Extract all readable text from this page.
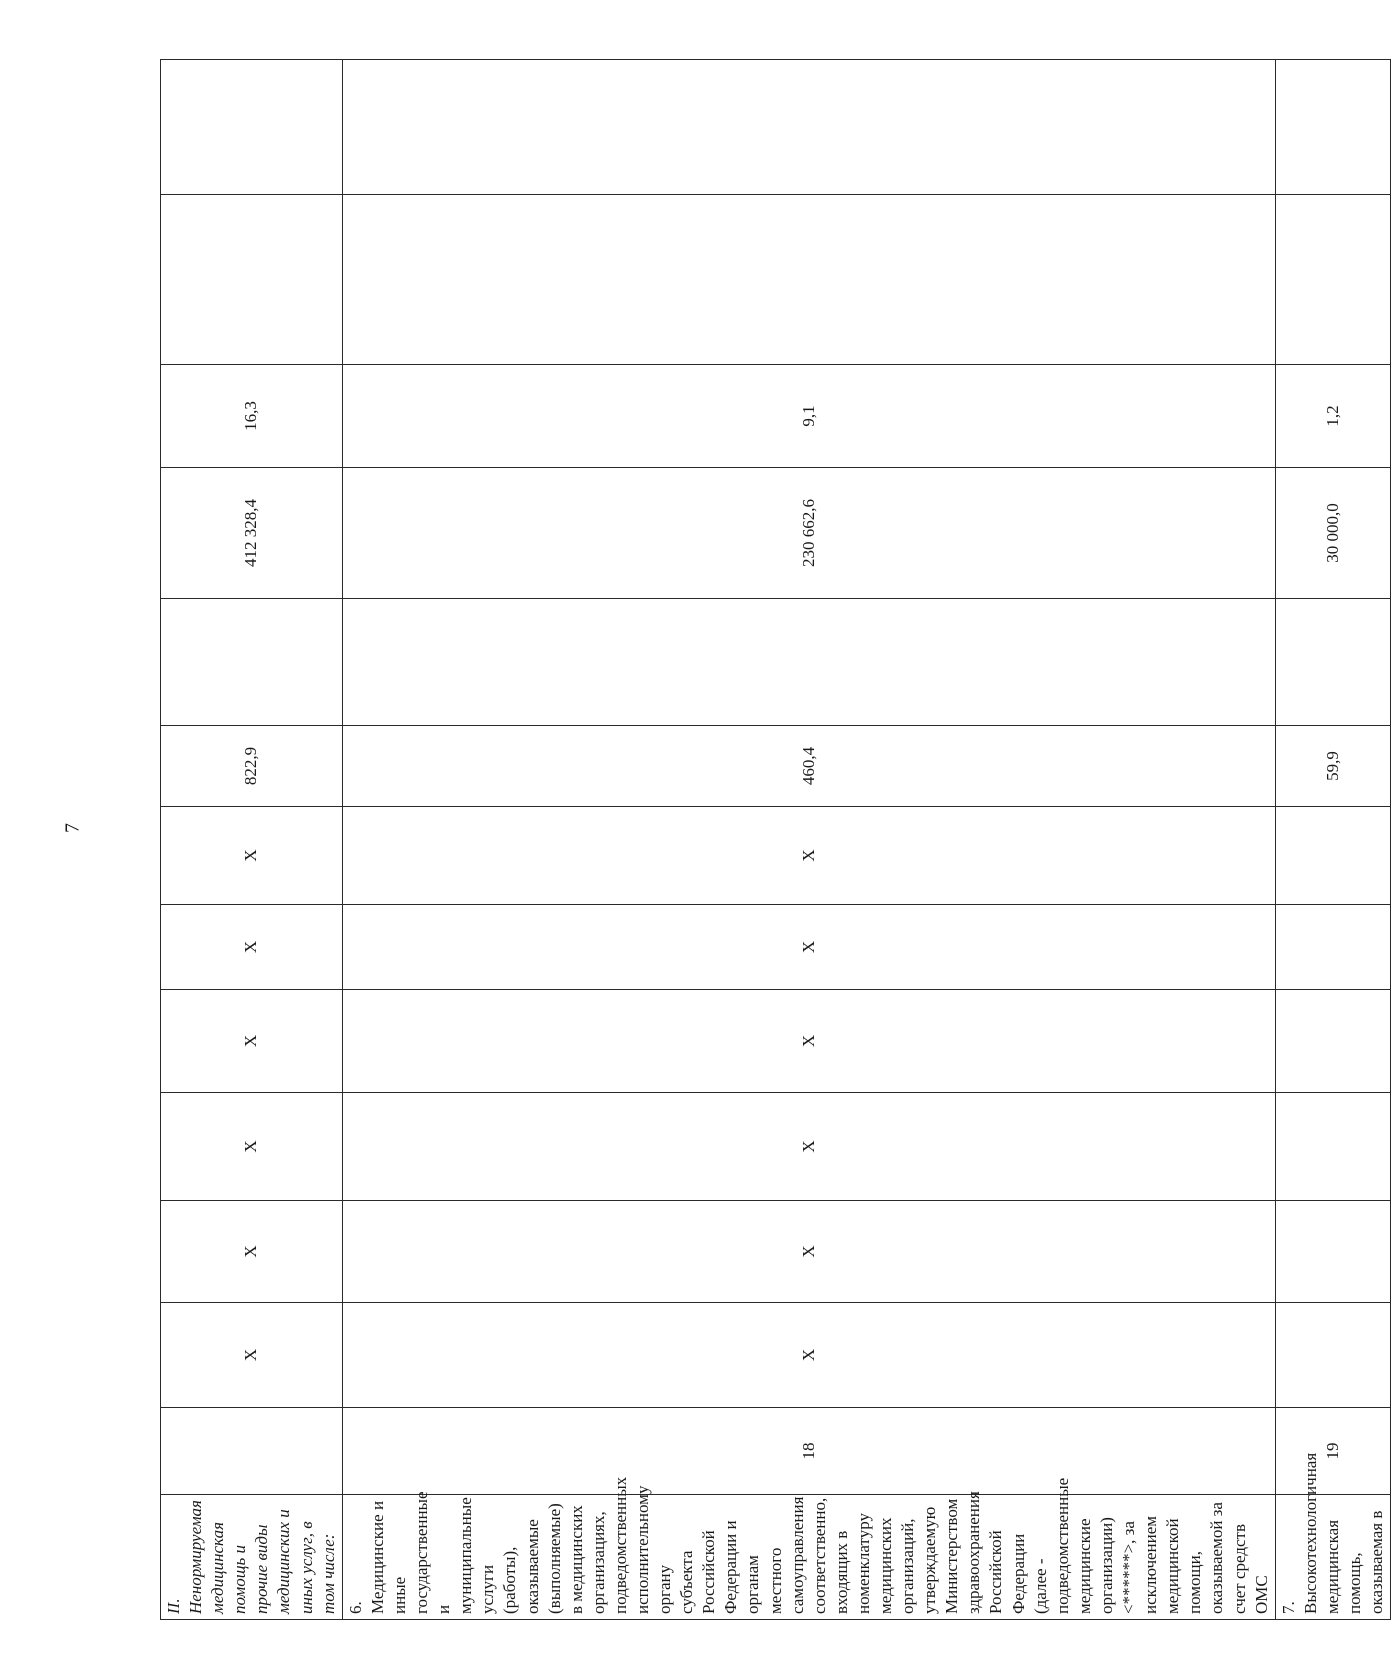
7
II. Ненормируемая медицинская помощь и прочие виды медицинских и иных услуг, в том числе:		X	X	X	X	X	X	822,9		412 328,4	16,3		
6. Медицинские и иные государственные и муниципальные услуги (работы), оказываемые (выполняемые) в медицинских организациях, подведомственных исполнительному органу субъекта Российской Федерации и органам местного самоуправления соответственно, входящих в номенклатуру медицинских организаций, утверждаемую Министерством здравоохранения Российской Федерации (далее - подведомственные медицинские организации) <******>, за исключением медицинской помощи, оказываемой за счет средств ОМС	18	X	X	X	X	X	X	460,4		230 662,6	9,1		
7. Высокотехнологичная медицинская помощь, оказываемая в	19							59,9		30 000,0	1,2		
